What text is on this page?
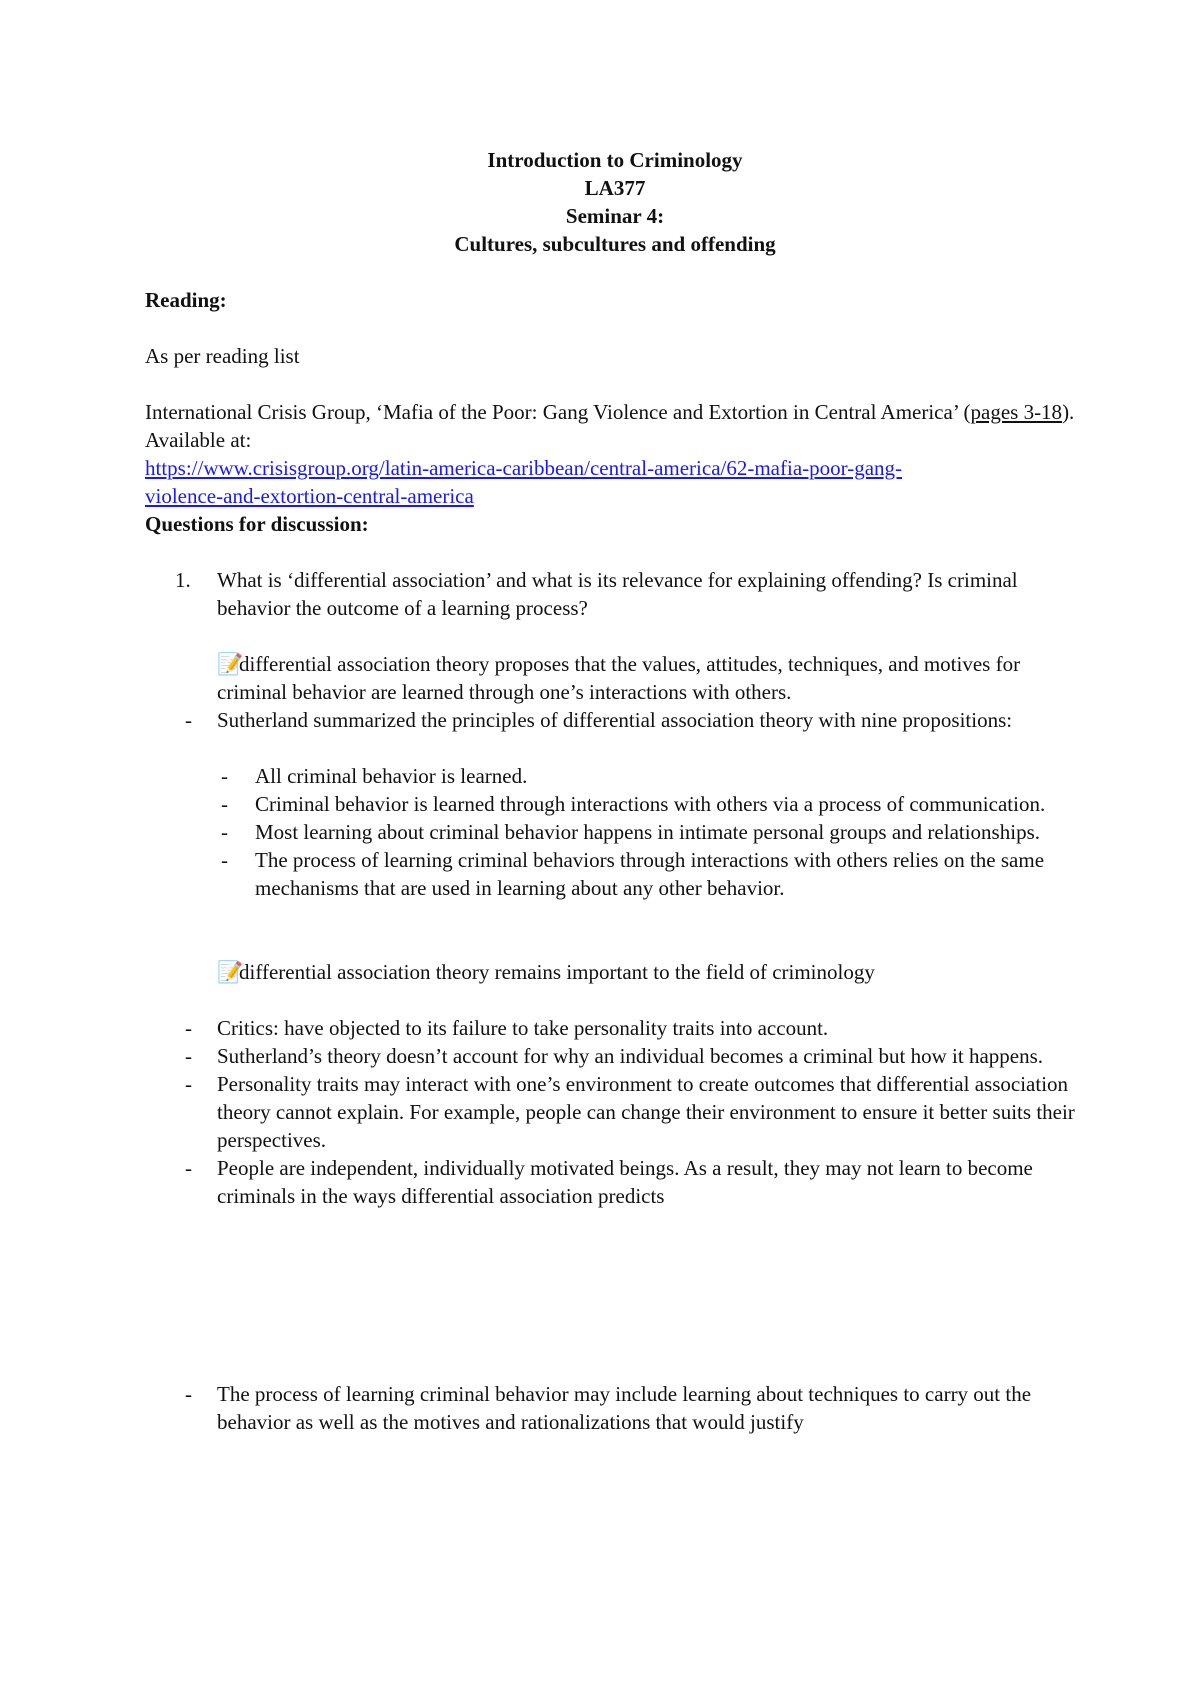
Introduction to Criminology
LA377
Seminar 4:
Cultures, subcultures and offending
Reading:
As per reading list
International Crisis Group, ‘Mafia of the Poor: Gang Violence and Extortion in Central America’ (pages 3-18). Available at:
https://www.crisisgroup.org/latin-america-caribbean/central-america/62-mafia-poor-gang-
violence-and-extortion-central-america
Questions for discussion:
1. What is ‘differential association’ and what is its relevance for explaining offending? Is criminal behavior the outcome of a learning process?
📝differential association theory proposes that the values, attitudes, techniques, and motives for criminal behavior are learned through one’s interactions with others.
- Sutherland summarized the principles of differential association theory with nine propositions:
- All criminal behavior is learned.
- Criminal behavior is learned through interactions with others via a process of communication.
- Most learning about criminal behavior happens in intimate personal groups and relationships.
- The process of learning criminal behaviors through interactions with others relies on the same mechanisms that are used in learning about any other behavior.
📝differential association theory remains important to the field of criminology
- Critics: have objected to its failure to take personality traits into account.
- Sutherland’s theory doesn’t account for why an individual becomes a criminal but how it happens.
- Personality traits may interact with one’s environment to create outcomes that differential association theory cannot explain. For example, people can change their environment to ensure it better suits their perspectives.
- People are independent, individually motivated beings. As a result, they may not learn to become criminals in the ways differential association predicts
- The process of learning criminal behavior may include learning about techniques to carry out the behavior as well as the motives and rationalizations that would justify
